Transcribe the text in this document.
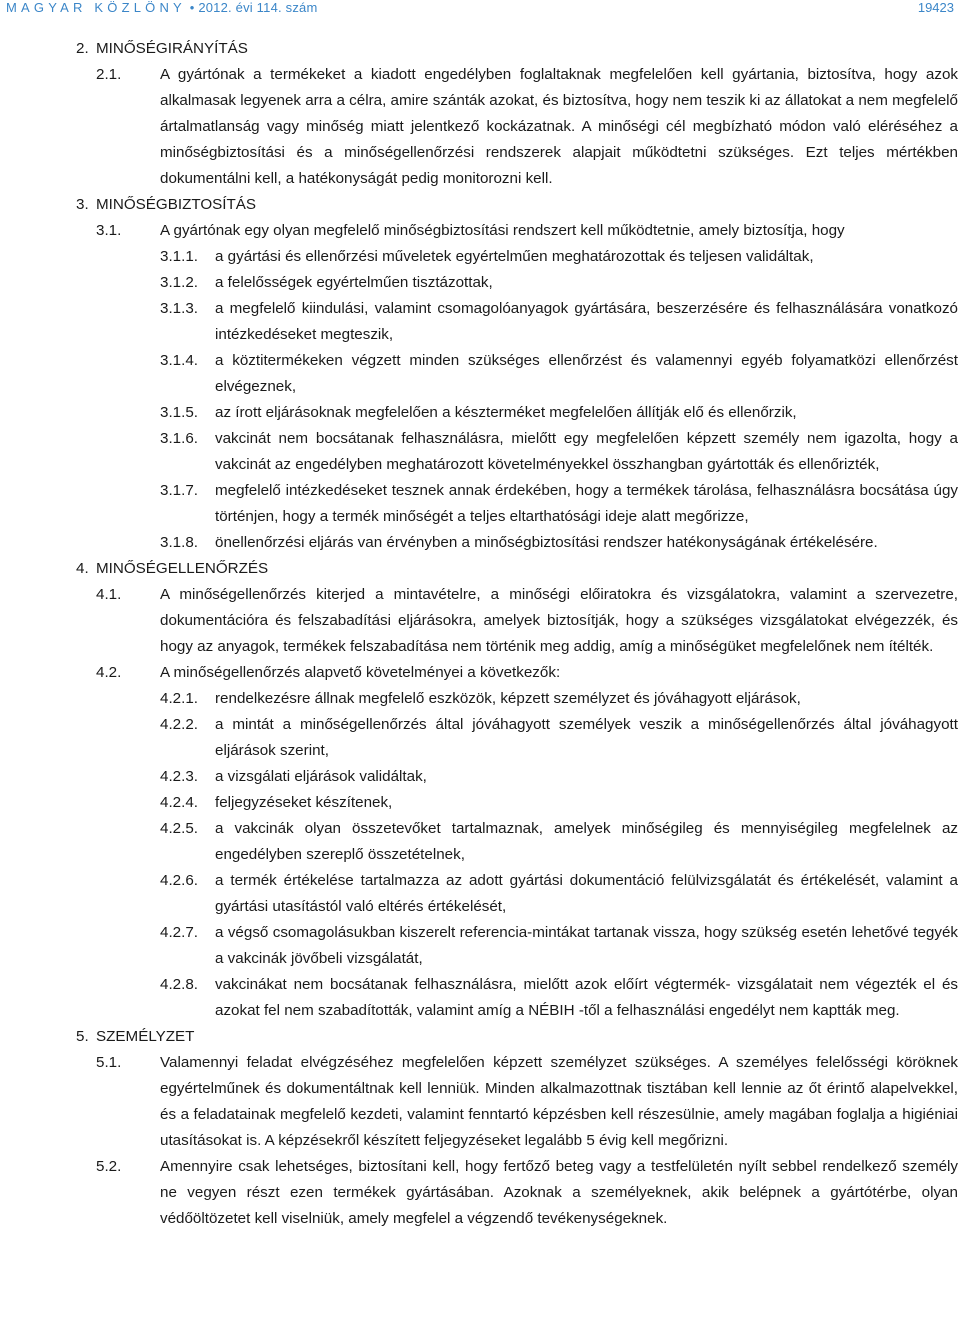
MAGYAR KÖZLÖNY • 2012. évi 114. szám	19423
2. MINŐSÉGIRÁNYÍTÁS
2.1.	A gyártónak a termékeket a kiadott engedélyben foglaltaknak megfelelően kell gyártania, biztosítva, hogy azok alkalmasak legyenek arra a célra, amire szánták azokat, és biztosítva, hogy nem teszik ki az állatokat a nem megfelelő ártalmatlanság vagy minőség miatt jelentkező kockázatnak. A minőségi cél megbízható módon való eléréséhez a minőségbiztosítási és a minőségellenőrzési rendszerek alapjait működtetni szükséges. Ezt teljes mértékben dokumentálni kell, a hatékonyságát pedig monitorozni kell.
3. MINŐSÉGBIZTOSÍTÁS
3.1.	A gyártónak egy olyan megfelelő minőségbiztosítási rendszert kell működtetnie, amely biztosítja, hogy
3.1.1. a gyártási és ellenőrzési műveletek egyértelműen meghatározottak és teljesen validáltak,
3.1.2. a felelősségek egyértelműen tisztázottak,
3.1.3. a megfelelő kiindulási, valamint csomagolóanyagok gyártására, beszerzésére és felhasználására vonatkozó intézkedéseket megteszik,
3.1.4. a köztitermékeken végzett minden szükséges ellenőrzést és valamennyi egyéb folyamatközi ellenőrzést elvégeznek,
3.1.5. az írott eljárásoknak megfelelően a készterméket megfelelően állítják elő és ellenőrzik,
3.1.6. vakcinát nem bocsátanak felhasználásra, mielőtt egy megfelelően képzett személy nem igazolta, hogy a vakcinát az engedélyben meghatározott követelményekkel összhangban gyártották és ellenőrizték,
3.1.7. megfelelő intézkedéseket tesznek annak érdekében, hogy a termékek tárolása, felhasználásra bocsátása úgy történjen, hogy a termék minőségét a teljes eltarthatósági ideje alatt megőrizze,
3.1.8. önellenőrzési eljárás van érvényben a minőségbiztosítási rendszer hatékonyságának értékelésére.
4. MINŐSÉGELLENŐRZÉS
4.1.	A minőségellenőrzés kiterjed a mintavételre, a minőségi előiratokra és vizsgálatokra, valamint a szervezetre, dokumentációra és felszabadítási eljárásokra, amelyek biztosítják, hogy a szükséges vizsgálatokat elvégezzék, és hogy az anyagok, termékek felszabadítása nem történik meg addig, amíg a minőségüket megfelelőnek nem ítélték.
4.2.	A minőségellenőrzés alapvető követelményei a következők:
4.2.1. rendelkezésre állnak megfelelő eszközök, képzett személyzet és jóváhagyott eljárások,
4.2.2. a mintát a minőségellenőrzés által jóváhagyott személyek veszik a minőségellenőrzés által jóváhagyott eljárások szerint,
4.2.3. a vizsgálati eljárások validáltak,
4.2.4. feljegyzéseket készítenek,
4.2.5. a vakcinák olyan összetevőket tartalmaznak, amelyek minőségileg és mennyiségileg megfelelnek az engedélyben szereplő összetételnek,
4.2.6. a termék értékelése tartalmazza az adott gyártási dokumentáció felülvizsgálatát és értékelését, valamint a gyártási utasítástól való eltérés értékelését,
4.2.7. a végső csomagolásukban kiszerelt referencia-mintákat tartanak vissza, hogy szükség esetén lehetővé tegyék a vakcinák jövőbeli vizsgálatát,
4.2.8. vakcinákat nem bocsátanak felhasználásra, mielőtt azok előírt végtermék- vizsgálatait nem végezték el és azokat fel nem szabadították, valamint amíg a NÉBIH -től a felhasználási engedélyt nem kaptták meg.
5. SZEMÉLYZET
5.1.	Valamennyi feladat elvégzéséhez megfelelően képzett személyzet szükséges. A személyes felelősségi köröknek egyértelműnek és dokumentáltnak kell lenniük. Minden alkalmazottnak tisztában kell lennie az őt érintő alapelvekkel, és a feladatainak megfelelő kezdeti, valamint fenntartó képzésben kell részesülnie, amely magában foglalja a higiéniai utasításokat is. A képzésekről készített feljegyzéseket legalább 5 évig kell megőrizni.
5.2.	Amennyire csak lehetséges, biztosítani kell, hogy fertőző beteg vagy a testfelületén nyílt sebbel rendelkező személy ne vegyen részt ezen termékek gyártásában. Azoknak a személyeknek, akik belépnek a gyártótérbe, olyan védőöltözetet kell viselniük, amely megfelel a végzendő tevékenységeknek.
